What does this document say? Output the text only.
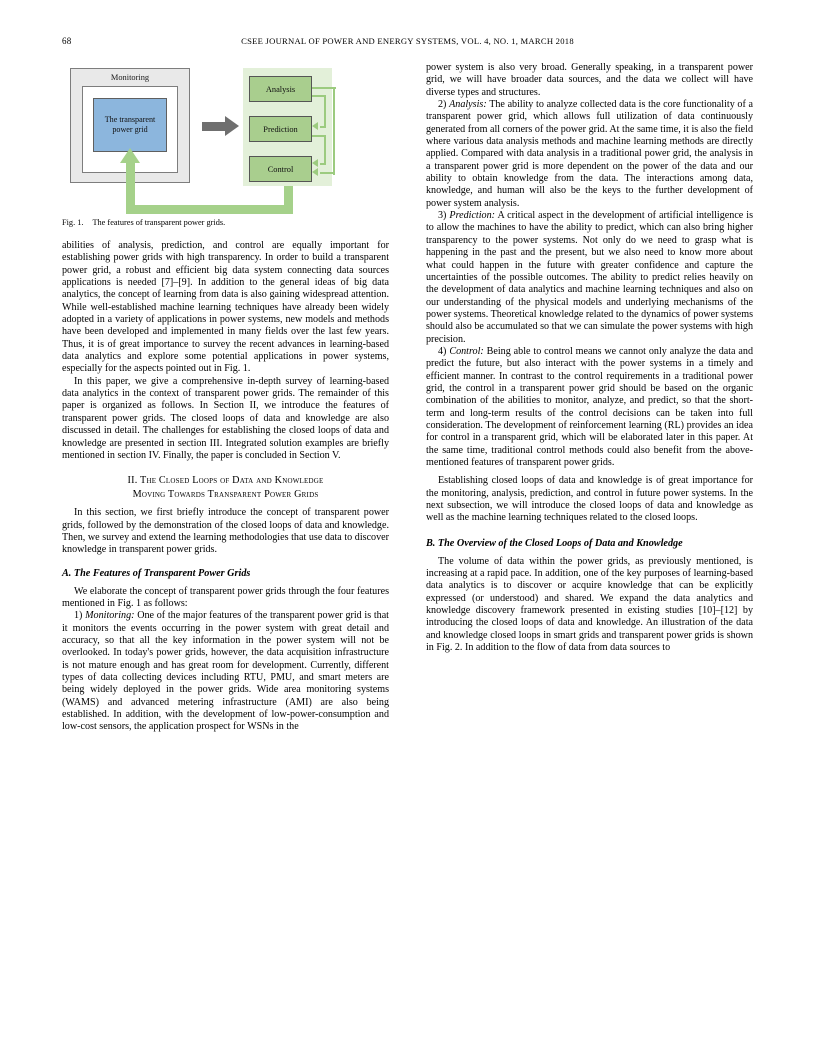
68	CSEE JOURNAL OF POWER AND ENERGY SYSTEMS, VOL. 4, NO. 1, MARCH 2018
Monitoring
The transparent power grid
Analysis
Prediction
Control

Fig. 1. The features of transparent power grids.

abilities of analysis, prediction, and control are equally important for establishing power grids with high transparency. In order to build a transparent power grid, a robust and efficient big data system connecting data sources applications is needed [7]–[9]. In addition to the general ideas of big data analytics, the concept of learning from data is also gaining widespread attention. While well-established machine learning techniques have already been widely adopted in a variety of applications in power systems, new models and methods have been developed and implemented in many fields over the last few years. Thus, it is of great importance to survey the recent advances in learning-based data analytics and explore some potential applications in power systems, especially for the aspects pointed out in Fig. 1.

In this paper, we give a comprehensive in-depth survey of learning-based data analytics in the context of transparent power grids. The remainder of this paper is organized as follows. In Section II, we introduce the features of transparent power grids. The closed loops of data and knowledge are also discussed in detail. The challenges for establishing the closed loops of data and knowledge are presented in section III. Integrated solution examples are briefly mentioned in section IV. Finally, the paper is concluded in Section V.

II. The Closed Loops of Data and Knowledge
Moving Towards Transparent Power Grids

In this section, we first briefly introduce the concept of transparent power grids, followed by the demonstration of the closed loops of data and knowledge. Then, we survey and extend the learning methodologies that use data to discover knowledge in transparent power grids.

A. The Features of Transparent Power Grids

We elaborate the concept of transparent power grids through the four features mentioned in Fig. 1 as follows:

1) Monitoring: One of the major features of the transparent power grid is that it monitors the events occurring in the power system with great detail and accuracy, so that all the key information in the power system will not be overlooked. In today's power grids, however, the data acquisition infrastructure is not mature enough and has great room for development. Currently, different types of data collecting devices including RTU, PMU, and smart meters are being widely deployed in the power grids. Wide area monitoring systems (WAMS) and advanced metering infrastructure (AMI) are also being established. In addition, with the development of low-power-consumption and low-cost sensors, the application prospect for WSNs in the

power system is also very broad. Generally speaking, in a transparent power grid, we will have broader data sources, and the data we collect will have diverse types and structures.

2) Analysis: The ability to analyze collected data is the core functionality of a transparent power grid, which allows full utilization of data continuously generated from all corners of the power grid. At the same time, it is also the field where various data analysis methods and machine learning methods are directly applied. Compared with data analysis in a traditional power grid, the analysis in a transparent power grid is more dependent on the power of the data and our ability to obtain knowledge from the data. The interactions among data, knowledge, and human will also be the keys to the further development of power system analysis.

3) Prediction: A critical aspect in the development of artificial intelligence is to allow the machines to have the ability to predict, which can also bring higher transparency to the power systems. Not only do we need to grasp what is happening in the past and the present, but we also need to know more about what could happen in the future with greater confidence and capture the uncertainties of the possible outcomes. The ability to predict relies heavily on the development of data analytics and machine learning techniques and also on our understanding of the physical models and underlying mechanisms of the power systems. Theoretical knowledge related to the dynamics of power systems should also be accumulated so that we can simulate the power systems with high precision.

4) Control: Being able to control means we cannot only analyze the data and predict the future, but also interact with the power systems in a timely and efficient manner. In contrast to the control requirements in a traditional power grid, the control in a transparent power grid should be based on the organic combination of the abilities to monitor, analyze, and predict, so that the short-term and long-term results of the control decisions can be taken into full consideration. The development of reinforcement learning (RL) provides an idea for control in a transparent grid, which will be elaborated later in this paper. At the same time, traditional control methods could also benefit from the above-mentioned features of transparent power grids.

Establishing closed loops of data and knowledge is of great importance for the monitoring, analysis, prediction, and control in future power systems. In the next subsection, we will introduce the closed loops of data and knowledge as well as the machine learning techniques related to the closed loops.

B. The Overview of the Closed Loops of Data and Knowledge

The volume of data within the power grids, as previously mentioned, is increasing at a rapid pace. In addition, one of the key purposes of learning-based data analytics is to discover or acquire knowledge that can be explicitly expressed (or understood) and shared. We expand the data analytics and knowledge discovery framework presented in existing studies [10]–[12] by introducing the closed loops of data and knowledge. An illustration of the data and knowledge closed loops in smart grids and transparent power grids is shown in Fig. 2. In addition to the flow of data from data sources to
